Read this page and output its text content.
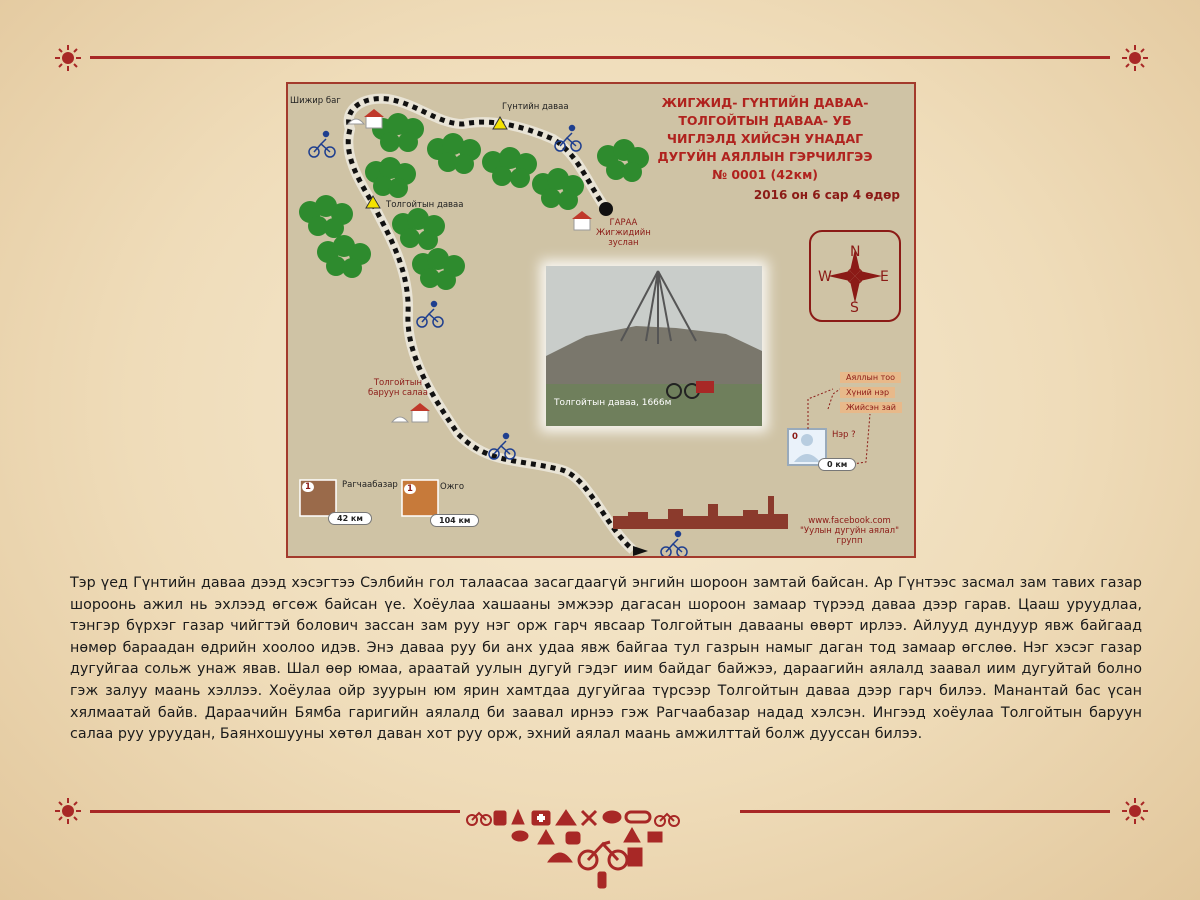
N
S
W	E
ЖИГЖИД- ГҮНТИЙН ДАВАА-
ТОЛГОЙТЫН ДАВАА- УБ
ЧИГЛЭЛД ХИЙСЭН УНАДАГ
ДУГУЙН АЯЛЛЫН ГЭРЧИЛГЭЭ
№ 0001 (42км)
2016 он 6 сар 4 өдөр
Шижир баг
Гүнтийн даваа
Толгойтын даваа
ГАРАА
Жигжидийн
зуслан
Толгойтын
баруун салаа
Толгойтын даваа, 1666м
Аяллын тоо
Хүний нэр
Жийсэн зай
Нэр ?
0
0 км
Рагчаабазар
42 км
1	Ожго
104 км
1
www.facebook.com
"Уулын дугуйн аялал"
групп
Тэр үед Гүнтийн даваа дээд хэсэгтээ Сэлбийн гол талаасаа засагдаагүй энгийн шороон замтай байсан. Ар Гүнтээс засмал зам тавих газар шороонь ажил нь эхлээд өгсөж байсан үе. Хоёулаа хашааны эмжээр дагасан шороон замаар түрээд даваа дээр гарав. Цааш уруудлаа, тэнгэр бүрхэг газар чийгтэй болович зассан зам руу нэг орж гарч явсаар Толгойтын давааны өвөрт ирлээ. Айлууд дундуур явж байгаад нөмөр бараадан өдрийн хоолоо идэв. Энэ даваа руу би анх удаа явж байгаа тул газрын намыг даган тод замаар өгслөө. Нэг хэсэг газар дугуйгаа сольж унаж явав. Шал өөр юмаа, араатай уулын дугуй гэдэг иим байдаг байжээ, дараагийн аялалд заавал иим дугуйтай болно гэж залуу маань хэллээ. Хоёулаа ойр зуурын юм ярин хамтдаа дугуйгаа түрсээр Толгойтын даваа дээр гарч билээ. Манантай бас үсан хялмаатай байв. Дараачийн Бямба гаригийн аялалд би заавал ирнээ гэж Рагчаабазар надад хэлсэн. Ингээд хоёулаа Толгойтын баруун салаа руу уруудан, Баянхошууны хөтөл даван хот руу орж, эхний аялал маань амжилттай болж дууссан билээ.
